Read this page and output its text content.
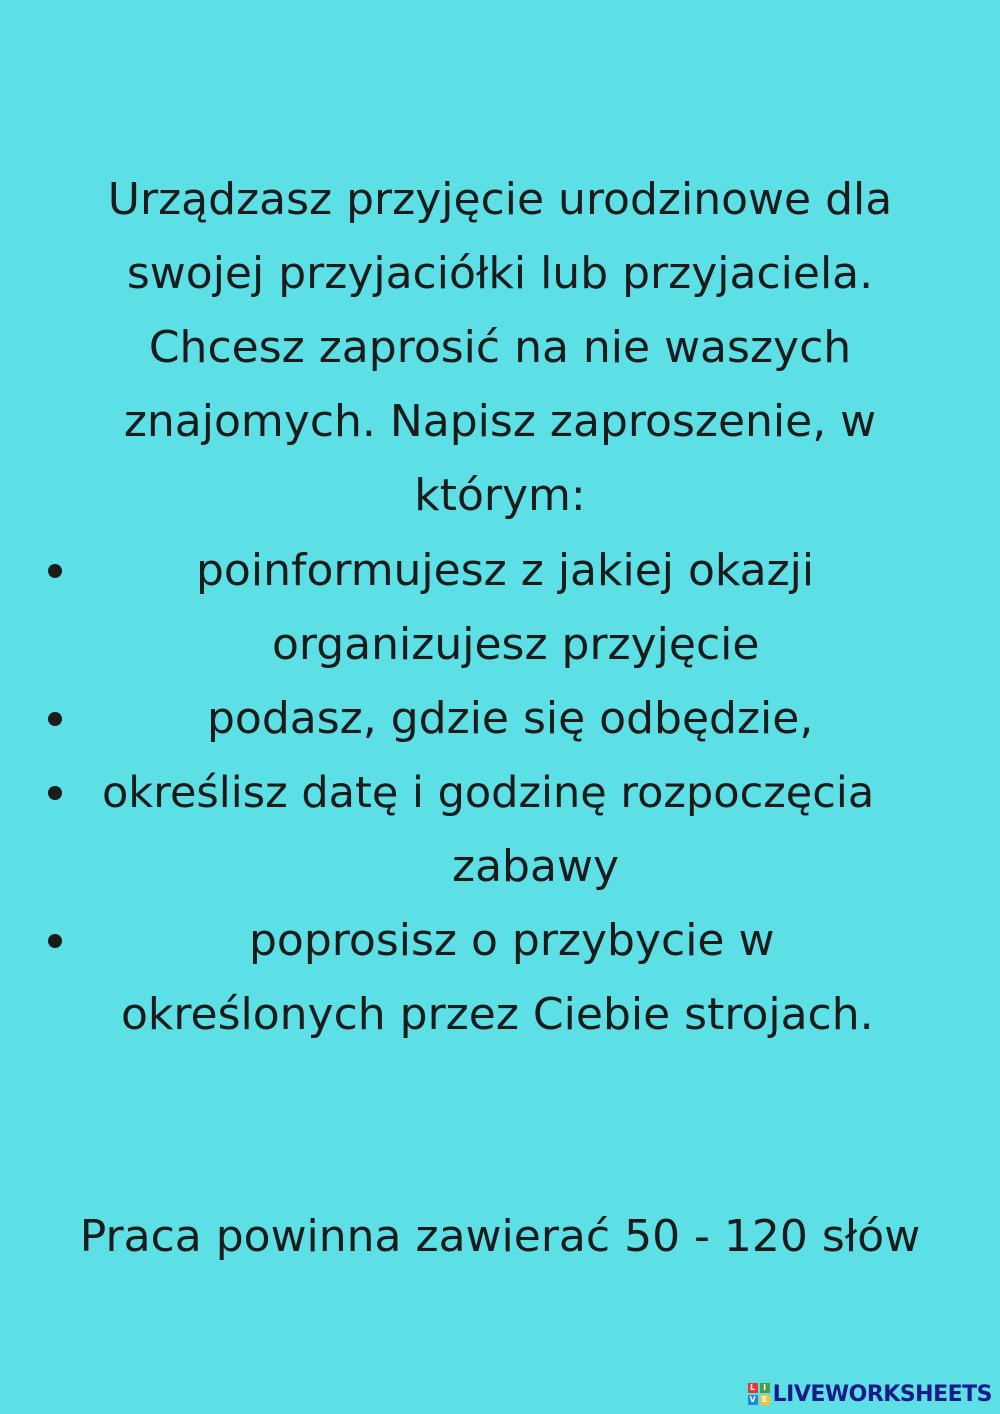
Urządzasz przyjęcie urodzinowe dla
swojej przyjaciółki lub przyjaciela.
Chcesz zaprosić na nie waszych
znajomych. Napisz zaproszenie, w
którym:
poinformujesz z jakiej okazji
organizujesz przyjęcie
podasz, gdzie się odbędzie,
określisz datę i godzinę rozpoczęcia
zabawy
poprosisz o przybycie w
określonych przez Ciebie strojach.
Praca powinna zawierać 50 - 120 słów
L I
V E LIVEWORKSHEETS
